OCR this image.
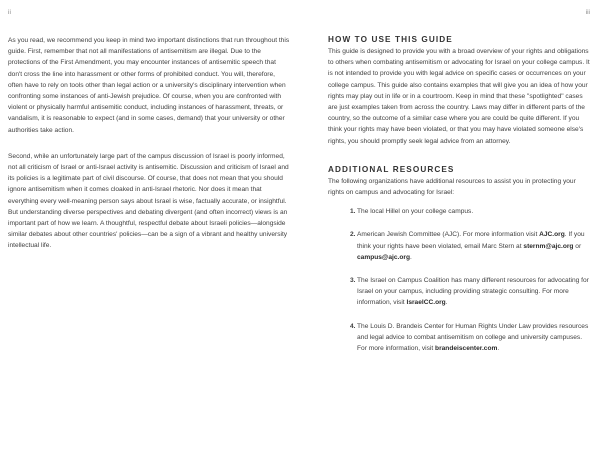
ii

As you read, we recommend you keep in mind two important distinctions that run throughout this guide. First, remember that not all manifestations of antisemitism are illegal. Due to the protections of the First Amendment, you may encounter instances of antisemitic speech that don't cross the line into harassment or other forms of prohibited conduct. You will, therefore, often have to rely on tools other than legal action or a university's disciplinary intervention when confronting some instances of anti-Jewish prejudice. Of course, when you are confronted with violent or physically harmful antisemitic conduct, including instances of harassment, threats, or vandalism, it is reasonable to expect (and in some cases, demand) that your university or other authorities take action.

Second, while an unfortunately large part of the campus discussion of Israel is poorly informed, not all criticism of Israel or anti-Israel activity is antisemitic. Discussion and criticism of Israel and its policies is a legitimate part of civil discourse. Of course, that does not mean that you should ignore antisemitism when it comes cloaked in anti-Israel rhetoric. Nor does it mean that everything every well-meaning person says about Israel is wise, factually accurate, or insightful. But understanding diverse perspectives and debating divergent (and often incorrect) views is an important part of how we learn. A thoughtful, respectful debate about Israeli policies—alongside similar debates about other countries' policies—can be a sign of a vibrant and healthy university intellectual life.

iii
HOW TO USE THIS GUIDE

This guide is designed to provide you with a broad overview of your rights and obligations to others when combating antisemitism or advocating for Israel on your college campus. It is not intended to provide you with legal advice on specific cases or occurrences on your college campus. This guide also contains examples that will give you an idea of how your rights may play out in life or in a courtroom. Keep in mind that these "spotlighted" cases are just examples taken from across the country. Laws may differ in different parts of the country, so the outcome of a similar case where you are could be quite different. If you think your rights may have been violated, or that you may have violated someone else's rights, you should promptly seek legal advice from an attorney.

ADDITIONAL RESOURCES

The following organizations have additional resources to assist you in protecting your rights on campus and advocating for Israel:

1. The local Hillel on your college campus.
2. American Jewish Committee (AJC). For more information visit AJC.org. If you think your rights have been violated, email Marc Stern at sternm@ajc.org or campus@ajc.org.
3. The Israel on Campus Coalition has many different resources for advocating for Israel on your campus, including providing strategic consulting. For more information, visit IsraelCC.org.
4. The Louis D. Brandeis Center for Human Rights Under Law provides resources and legal advice to combat antisemitism on college and university campuses. For more information, visit brandeiscenter.com.
